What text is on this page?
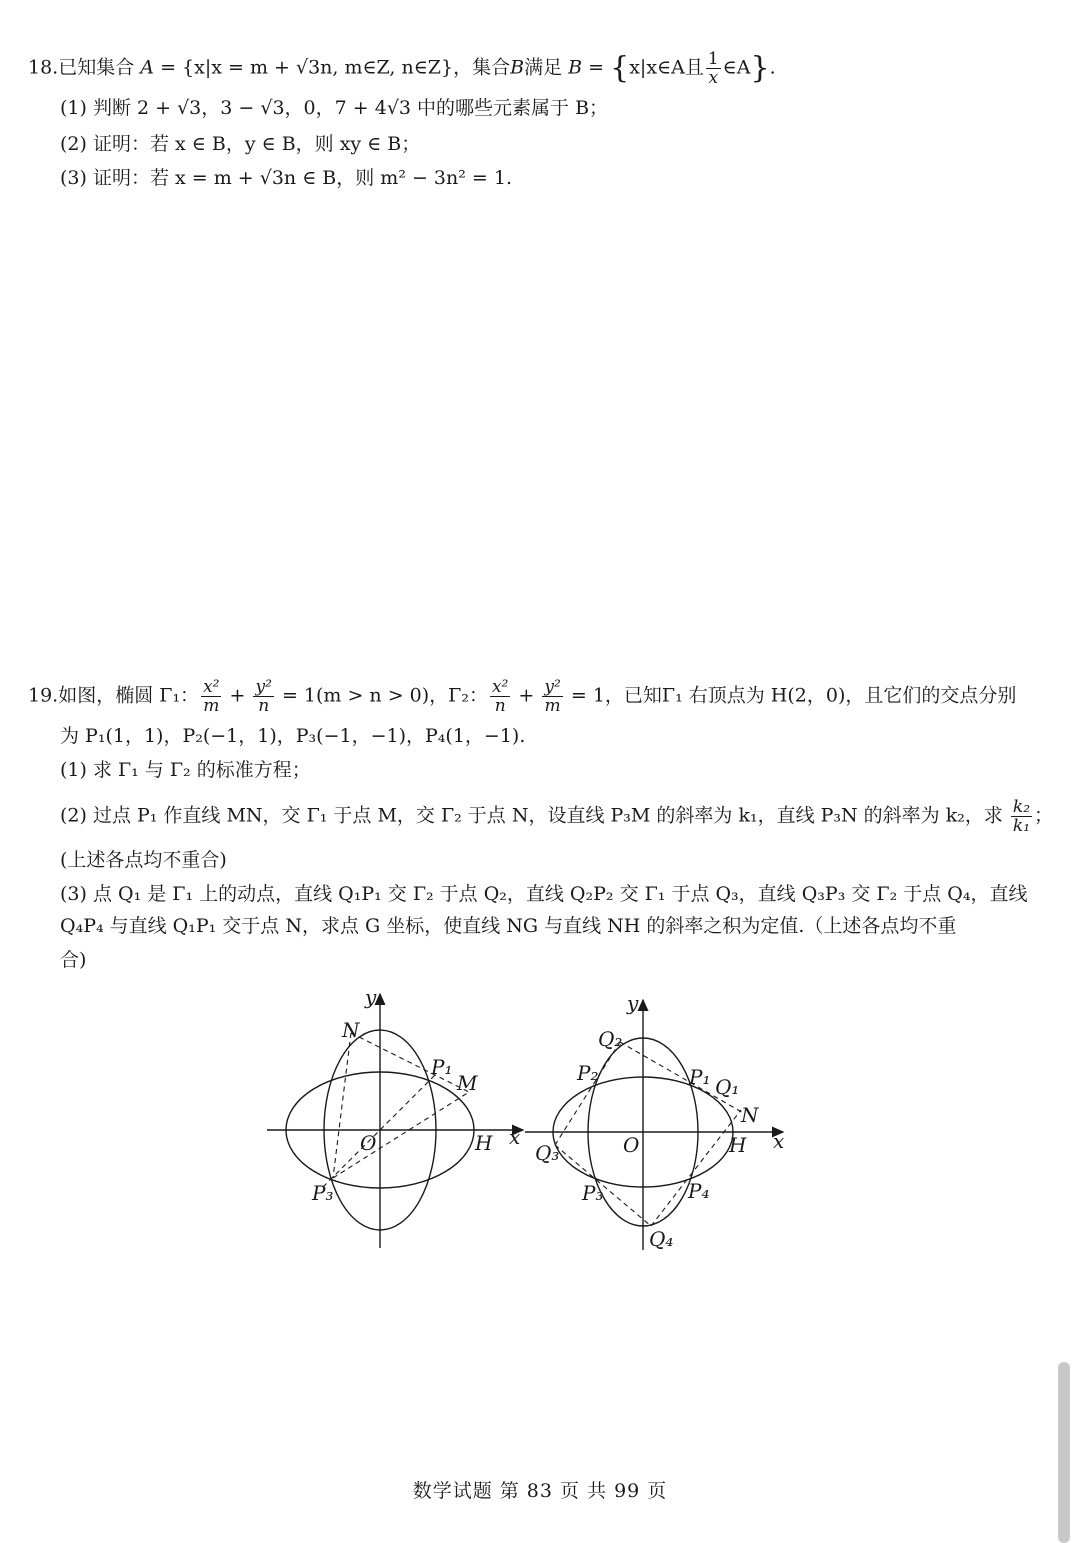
18.已知集合 A = {x|x = m + √3n, m∈Z, n∈Z}，集合B满足 B = {x|x∈A且 $\frac{1}{x}$ ∈A}.
(1) 判断 2 + √3，3 − √3，0，7 + 4√3 中的哪些元素属于 B；
(2) 证明：若 x ∈ B，y ∈ B，则 xy ∈ B；
(3) 证明：若 x = m + √3n ∈ B，则 m² − 3n² = 1.
19.如图，椭圆 Γ₁： $\frac{\text{x²}}{m} + \frac{\text{y²}}{n} = 1(m > n > 0)$，Γ₂： $\frac{\text{x²}}{n} + \frac{\text{y²}}{m} = 1$，已知Γ₁ 右顶点为 H(2，0)，且它们的交点分别
为 P₁(1，1)，P₂(−1，1)，P₃(−1，−1)，P₄(1，−1).
(1) 求 Γ₁ 与 Γ₂ 的标准方程；
(2) 过点 P₁ 作直线 MN，交 Γ₁ 于点 M，交 Γ₂ 于点 N，设直线 P₃M 的斜率为 k₁，直线 P₃N 的斜率为 k₂，求 $\frac{\text{k₂}}{\text{k₁}}$ ；
(上述各点均不重合)
(3) 点 Q₁ 是 Γ₁ 上的动点，直线 Q₁P₁ 交 Γ₂ 于点 Q₂，直线 Q₂P₂ 交 Γ₁ 于点 Q₃，直线 Q₃P₃ 交 Γ₂ 于点 Q₄，直线
Q₄P₄ 与直线 Q₁P₁ 交于点 N，求点 G 坐标，使直线 NG 与直线 NH 的斜率之积为定值.（上述各点均不重
合)
y
x
O	H
N
P₁
M
P₃
y
x
O	H
N
Q₂
P₂	P₁ Q₁
Q₃
P₃	P₄
Q₄
数学试题 第 83 页 共 99 页
